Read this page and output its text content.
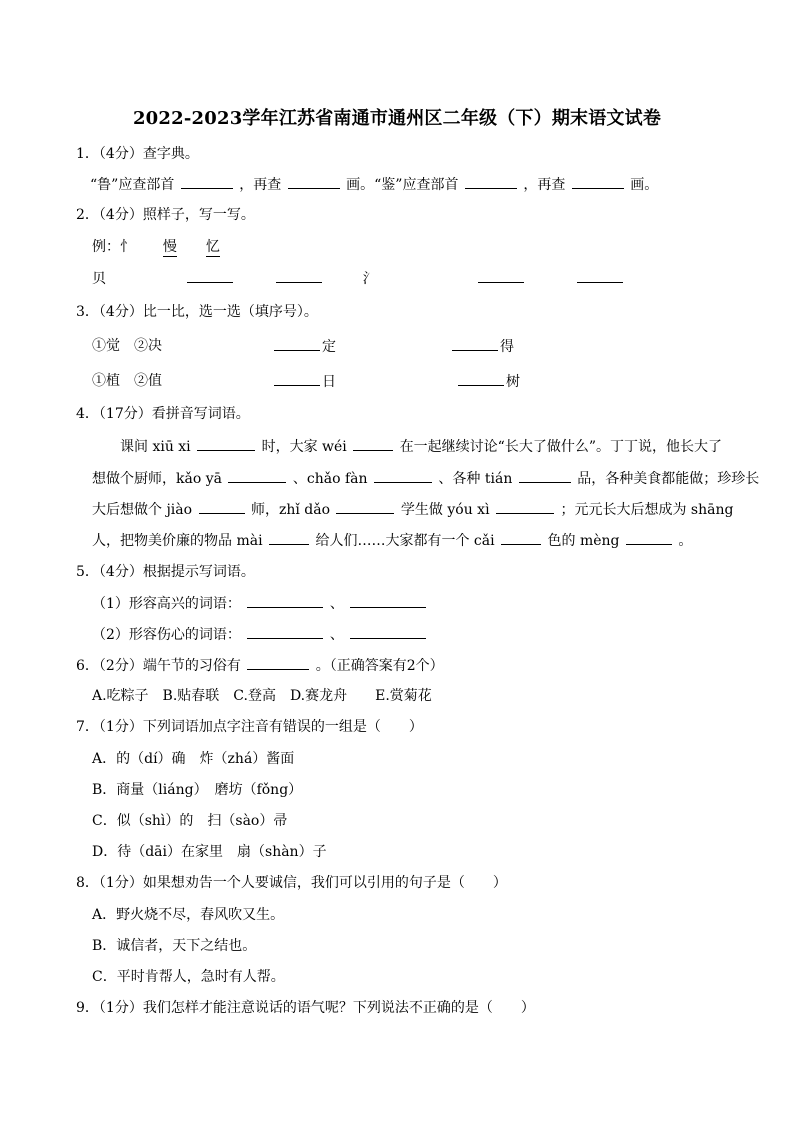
2022-2023学年江苏省南通市通州区二年级（下）期末语文试卷
1．（4分）查字典。
“鲁”应查部首	，再查	画。“鉴”应查部首	，再查	画。
2．（4分）照样子，写一写。
例：忄 慢 忆
贝	氵
3．（4分）比一比，选一选（填序号）。
①觉　②决	定	得
①植　②值	日	树
4．（17分）看拼音写词语。
课间 xiū xi	时，大家 wéi	在一起继续讨论“长大了做什么”。丁丁说，他长大了
想做个厨师，kǎo yā	、chǎo fàn	、各种 tián	品，各种美食都能做；珍珍长
大后想做个 jiào	师，zhǐ dǎo	学生做 yóu xì	；元元长大后想成为 shāng
人，把物美价廉的物品 mài	给人们……大家都有一个 cǎi	色的 mèng	。
5．（4分）根据提示写词语。
（1）形容高兴的词语：	、
（2）形容伤心的词语：	、
6．（2分）端午节的习俗有	。（正确答案有2个）
A.吃粽子　B.贴春联　C.登高　D.赛龙舟　　E.赏菊花
7．（1分）下列词语加点字注音有错误的一组是（　　）
A．的（dí）确　炸（zhá）酱面
B．商量（liáng）　磨坊（fǒng）
C．似（shì）的　扫（sào）帚
D．待（dāi）在家里　扇（shàn）子
8．（1分）如果想劝告一个人要诚信，我们可以引用的句子是（　　）
A．野火烧不尽，春风吹又生。
B．诚信者，天下之结也。
C．平时肯帮人，急时有人帮。
9．（1分）我们怎样才能注意说话的语气呢？下列说法不正确的是（　　）
